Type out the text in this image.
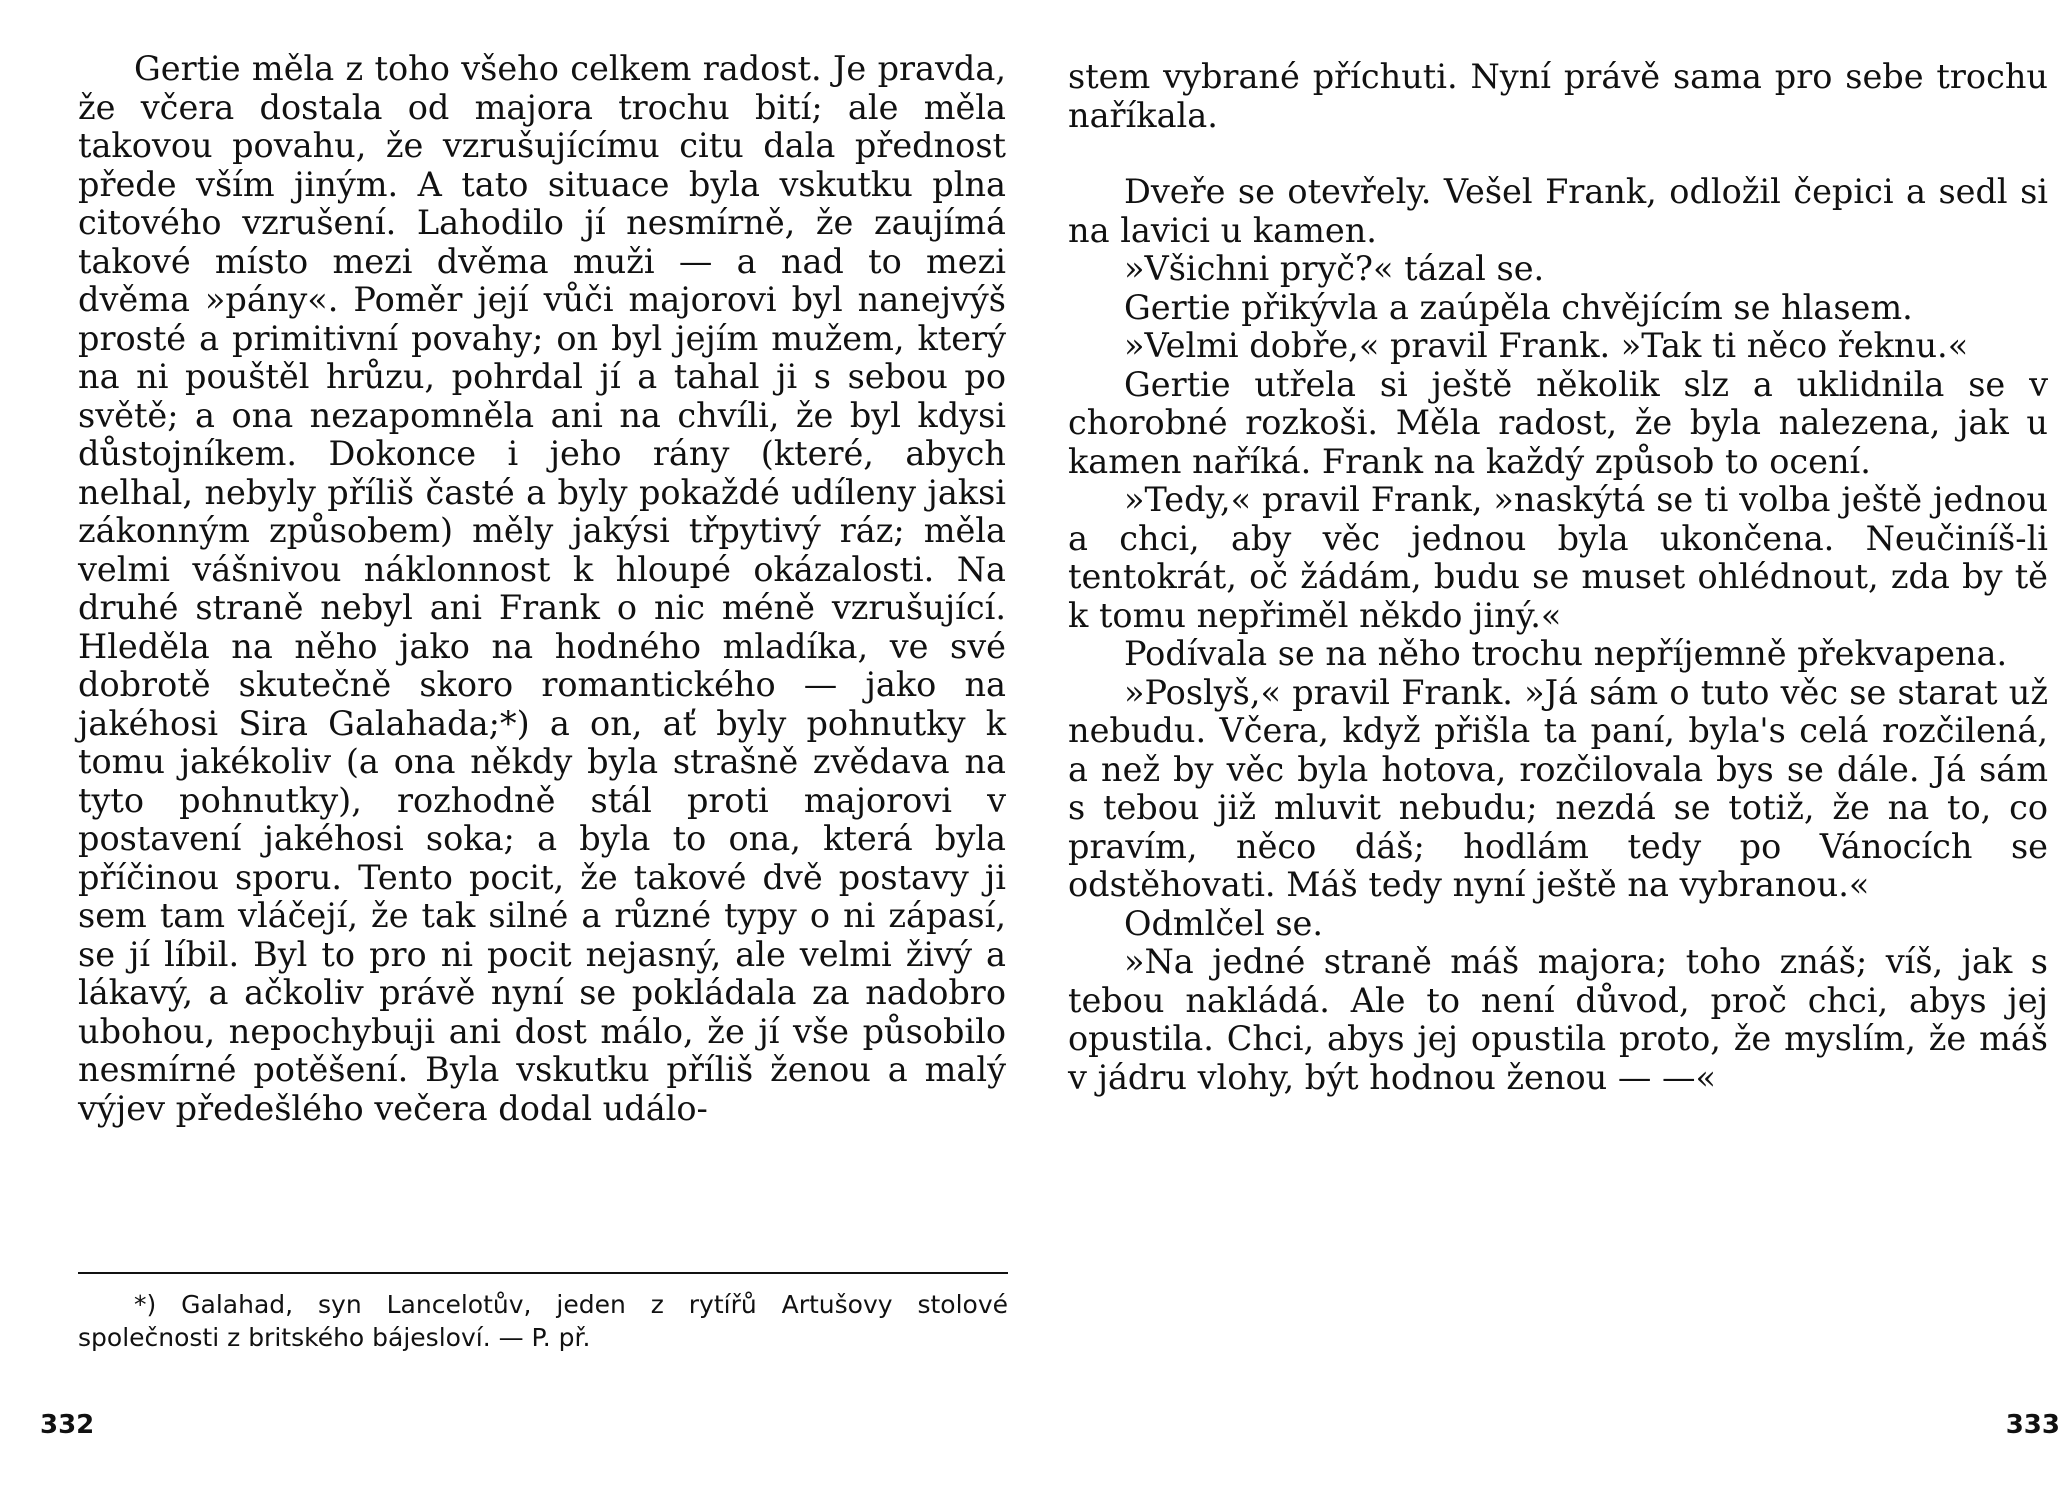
Gertie měla z toho všeho celkem radost. Je pravda, že včera dostala od majora trochu bití; ale měla takovou povahu, že vzrušujícímu citu dala přednost přede vším jiným. A tato situace byla vskutku plna citového vzrušení. Lahodilo jí nesmírně, že zaujímá takové místo mezi dvěma muži — a nad to mezi dvěma »pány«. Poměr její vůči majorovi byl nanejvýš prosté a primitivní povahy; on byl jejím mužem, který na ni pouštěl hrůzu, pohrdal jí a tahal ji s sebou po světě; a ona nezapomněla ani na chvíli, že byl kdysi důstojníkem. Dokonce i jeho rány (které, abych nelhal, nebyly příliš časté a byly pokaždé udíleny jaksi zákonným způsobem) měly jakýsi třpytivý ráz; měla velmi vášnivou náklonnost k hloupé okázalosti. Na druhé straně nebyl ani Frank o nic méně vzrušující. Hleděla na něho jako na hodného mladíka, ve své dobrotě skutečně skoro romantického — jako na jakéhosi Sira Galahada;*) a on, ať byly pohnutky k tomu jakékoliv (a ona někdy byla strašně zvědava na tyto pohnutky), rozhodně stál proti majorovi v postavení jakéhosi soka; a byla to ona, která byla příčinou sporu. Tento pocit, že takové dvě postavy ji sem tam vláčejí, že tak silné a různé typy o ni zápasí, se jí líbil. Byl to pro ni pocit nejasný, ale velmi živý a lákavý, a ačkoliv právě nyní se pokládala za nadobro ubohou, nepochybuji ani dost málo, že jí vše působilo nesmírné potěšení. Byla vskutku příliš ženou a malý výjev předešlého večera dodal událo-

*) Galahad, syn Lancelotův, jeden z rytířů Artušovy stolové společnosti z britského bájesloví. — P. př.

332

stem vybrané příchuti. Nyní právě sama pro sebe trochu naříkala.

Dveře se otevřely. Vešel Frank, odložil čepici a sedl si na lavici u kamen.

»Všichni pryč?« tázal se.

Gertie přikývla a zaúpěla chvějícím se hlasem.

»Velmi dobře,« pravil Frank. »Tak ti něco řeknu.«

Gertie utřela si ještě několik slz a uklidnila se v chorobné rozkoši. Měla radost, že byla nalezena, jak u kamen naříká. Frank na každý způsob to ocení.

»Tedy,« pravil Frank, »naskýtá se ti volba ještě jednou a chci, aby věc jednou byla ukončena. Neučiníš-li tentokrát, oč žádám, budu se muset ohlédnout, zda by tě k tomu nepřiměl někdo jiný.«

Podívala se na něho trochu nepříjemně překvapena.

»Poslyš,« pravil Frank. »Já sám o tuto věc se starat už nebudu. Včera, když přišla ta paní, byla's celá rozčilená, a než by věc byla hotova, rozčilovala bys se dále. Já sám s tebou již mluvit nebudu; nezdá se totiž, že na to, co pravím, něco dáš; hodlám tedy po Vánocích se odstěhovati. Máš tedy nyní ještě na vybranou.«

Odmlčel se.

»Na jedné straně máš majora; toho znáš; víš, jak s tebou nakládá. Ale to není důvod, proč chci, abys jej opustila. Chci, abys jej opustila proto, že myslím, že máš v jádru vlohy, být hodnou ženou — —«

333
